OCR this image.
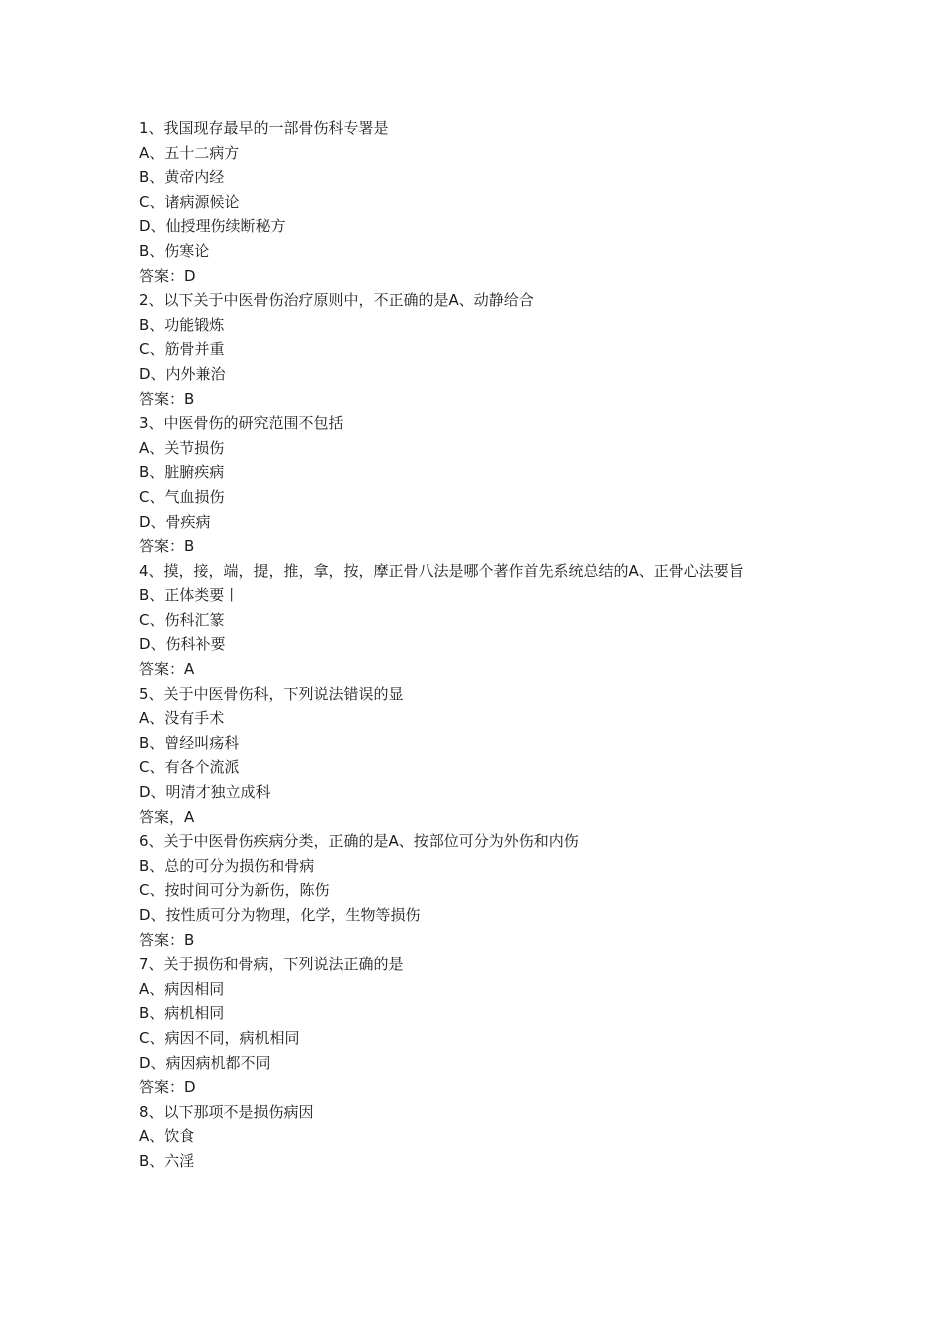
1、我国现存最早的一部骨伤科专署是

A、五十二病方

B、黄帝内经

C、诸病源候论

D、仙授理伤续断秘方

B、伤寒论

答案：D

2、以下关于中医骨伤治疗原则中，不正确的是A、动静给合

B、功能锻炼

C、筋骨并重

D、内外兼治

答案：B

3、中医骨伤的研究范围不包括

A、关节损伤

B、脏腑疾病

C、气血损伤

D、骨疾病

答案：B

4、摸，接，端，提，推，拿，按，摩正骨八法是哪个著作首先系统总结的A、正骨心法要旨

B、正体类要丨

C、伤科汇篆

D、伤科补要

答案：A

5、关于中医骨伤科，下列说法错误的显

A、没有手术

B、曾经叫疡科

C、有各个流派

D、明清才独立成科

答案，A

6、关于中医骨伤疾病分类，正确的是A、按部位可分为外伤和内伤

B、总的可分为损伤和骨病

C、按时间可分为新伤，陈伤

D、按性质可分为物理，化学，生物等损伤

答案：B

7、关于损伤和骨病，下列说法正确的是

A、病因相同

B、病机相同

C、病因不同，病机相同

D、病因病机都不同

答案：D

8、以下那项不是损伤病因

A、饮食

B、六淫
